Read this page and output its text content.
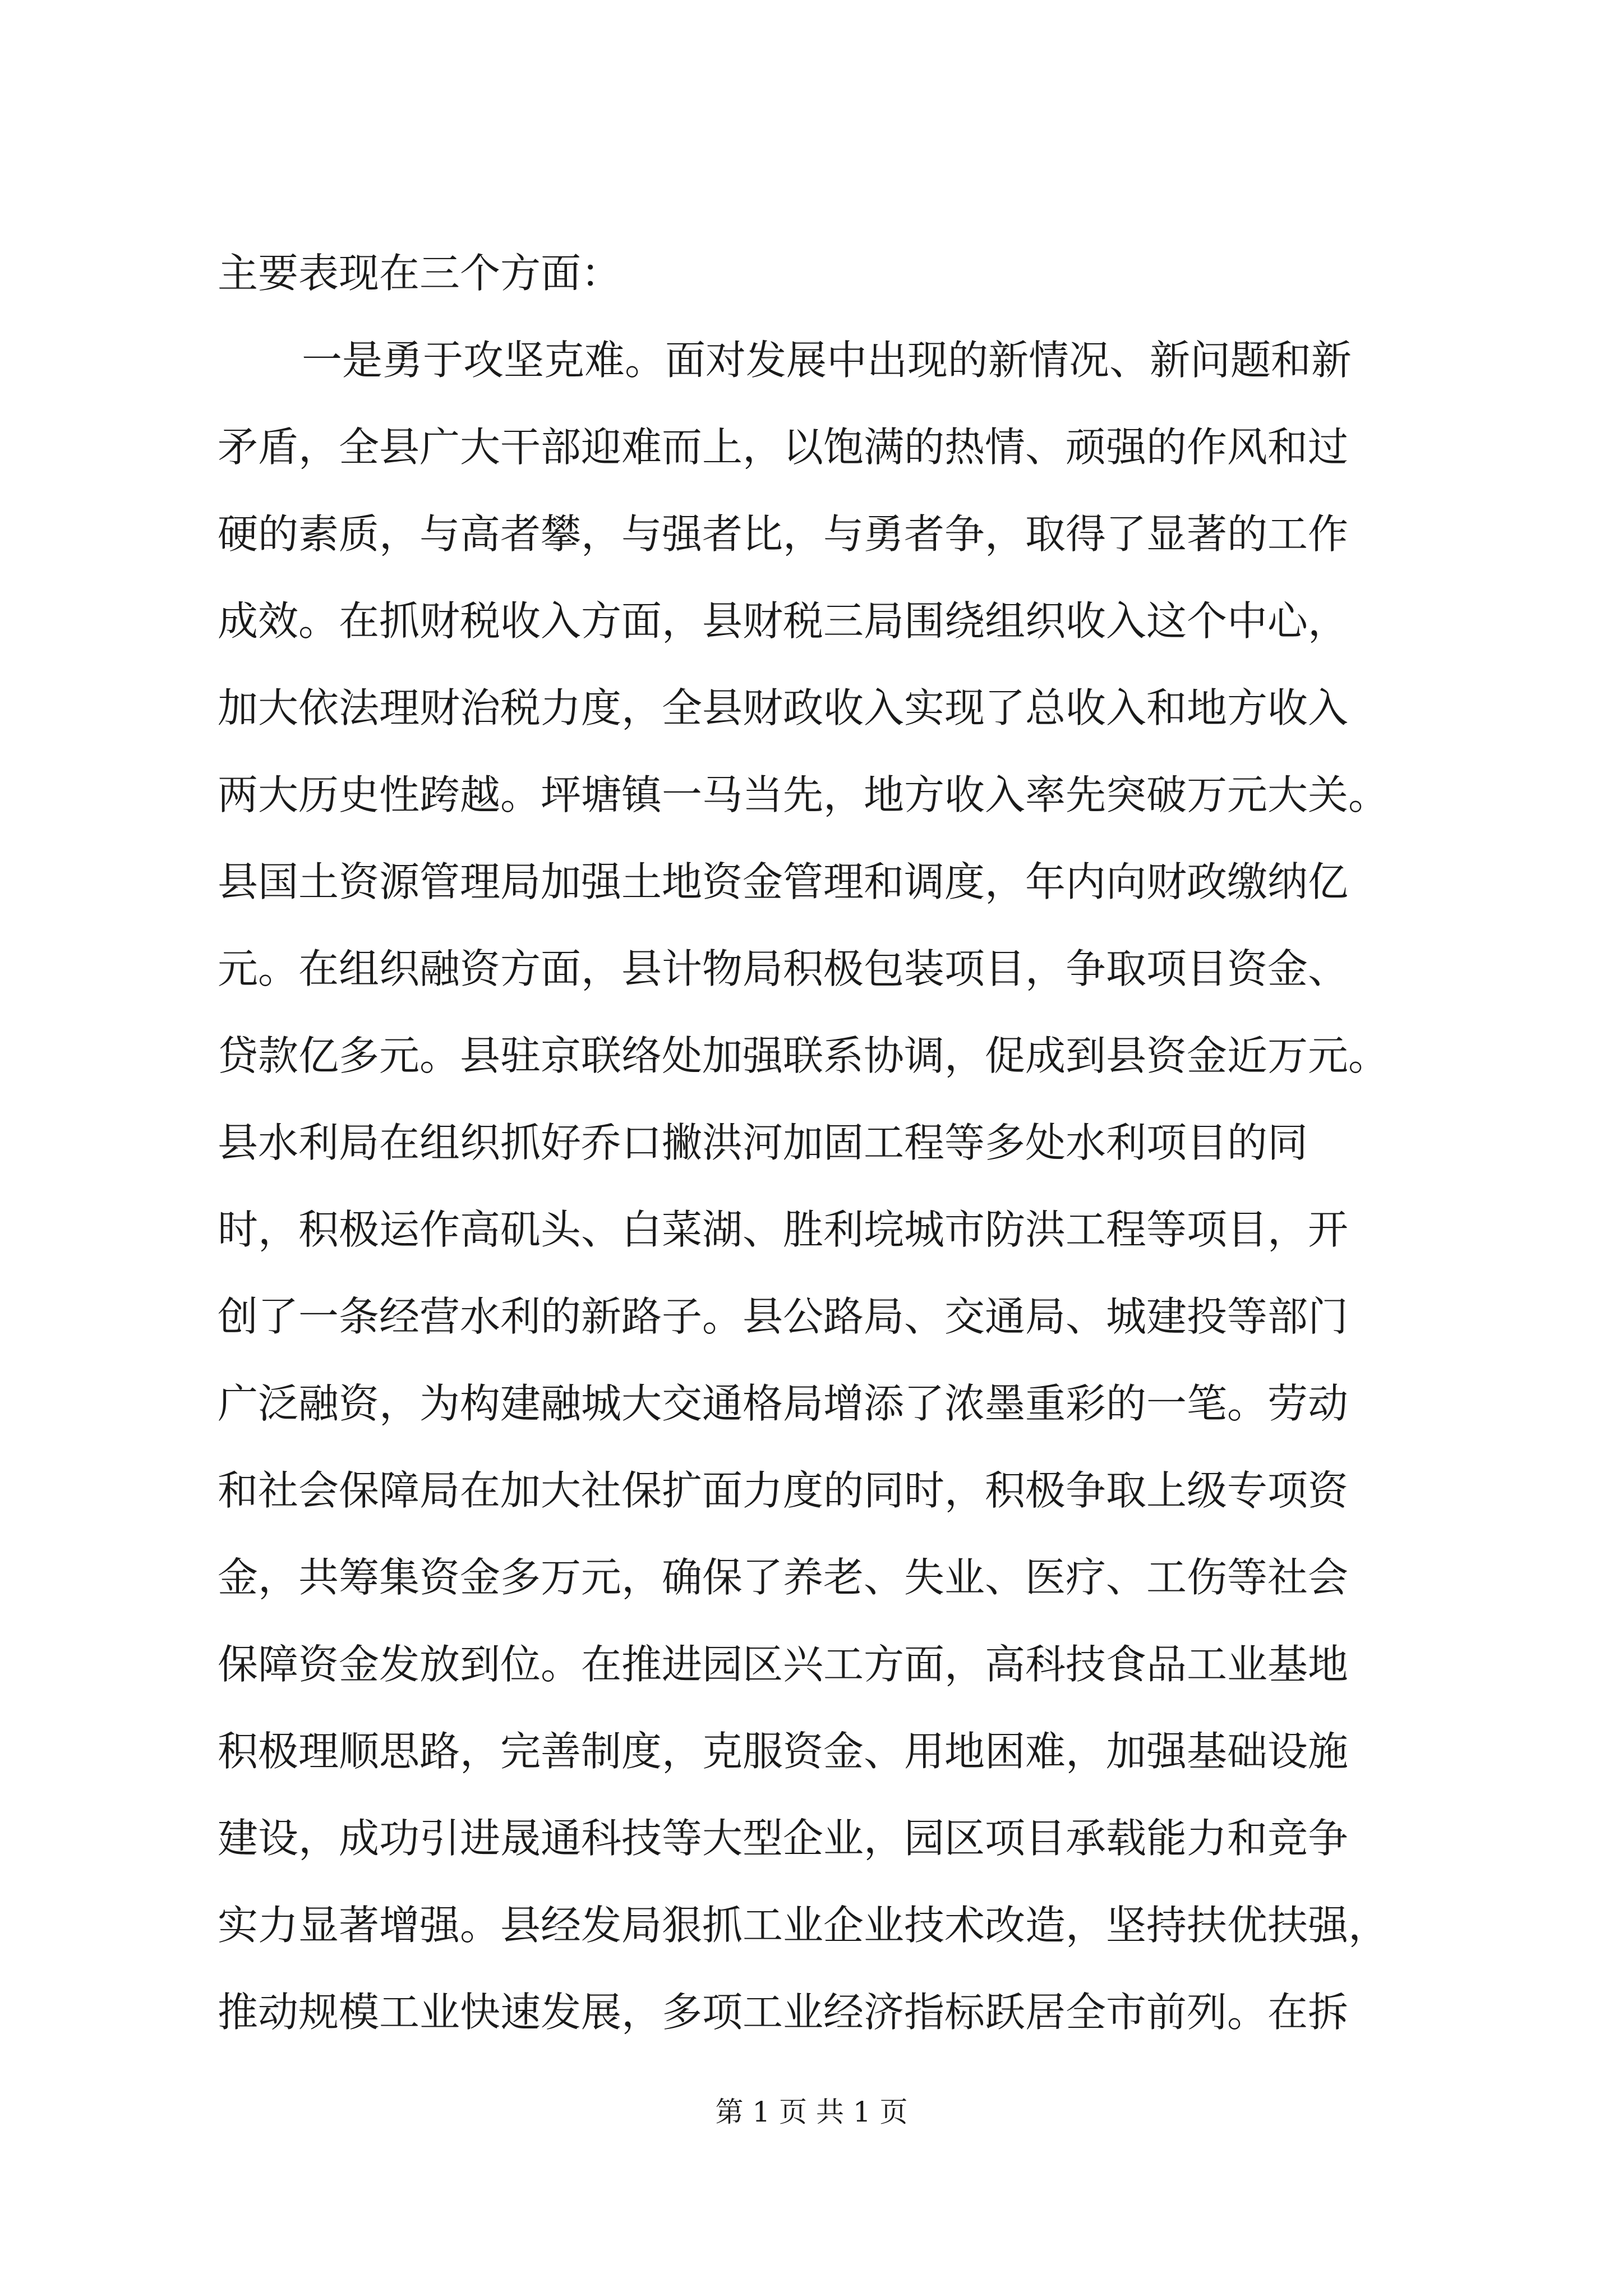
主要表现在三个方面：
一是勇于攻坚克难。面对发展中出现的新情况、新问题和新
矛盾，全县广大干部迎难而上，以饱满的热情、顽强的作风和过
硬的素质，与高者攀，与强者比，与勇者争，取得了显著的工作
成效。在抓财税收入方面，县财税三局围绕组织收入这个中心，
加大依法理财治税力度，全县财政收入实现了总收入和地方收入
两大历史性跨越。坪塘镇一马当先，地方收入率先突破万元大关。
县国土资源管理局加强土地资金管理和调度，年内向财政缴纳亿
元。在组织融资方面，县计物局积极包装项目，争取项目资金、
贷款亿多元。县驻京联络处加强联系协调，促成到县资金近万元。
县水利局在组织抓好乔口撇洪河加固工程等多处水利项目的同
时，积极运作高矶头、白菜湖、胜利垸城市防洪工程等项目，开
创了一条经营水利的新路子。县公路局、交通局、城建投等部门
广泛融资，为构建融城大交通格局增添了浓墨重彩的一笔。劳动
和社会保障局在加大社保扩面力度的同时，积极争取上级专项资
金，共筹集资金多万元，确保了养老、失业、医疗、工伤等社会
保障资金发放到位。在推进园区兴工方面，高科技食品工业基地
积极理顺思路，完善制度，克服资金、用地困难，加强基础设施
建设，成功引进晟通科技等大型企业，园区项目承载能力和竞争
实力显著增强。县经发局狠抓工业企业技术改造，坚持扶优扶强，
推动规模工业快速发展，多项工业经济指标跃居全市前列。在拆
第 1 页 共 1 页
